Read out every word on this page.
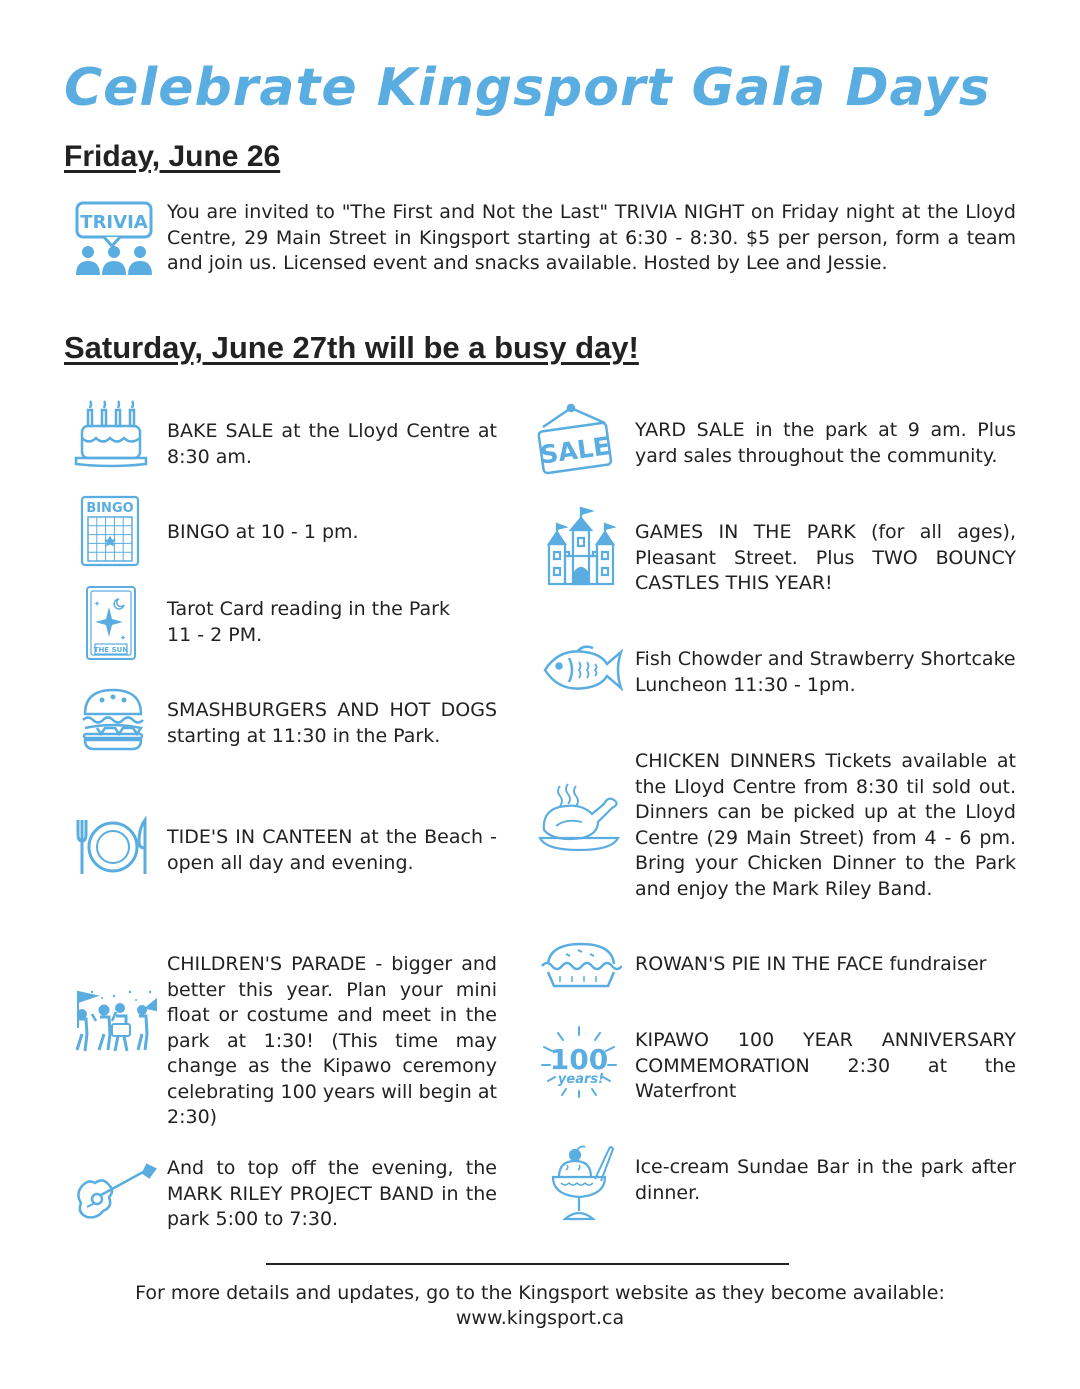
Celebrate Kingsport Gala Days
Friday, June 26
TRIVIA You are invited to "The First and Not the Last" TRIVIA NIGHT on Friday night at the Lloyd Centre, 29 Main Street in Kingsport starting at 6:30 - 8:30. $5 per person, form a team and join us. Licensed event and snacks available. Hosted by Lee and Jessie.

Saturday, June 27th will be a busy day!

BAKE SALE at the Lloyd Centre at 8:30 am.

BINGO

BINGO at 10 - 1 pm.

THE SUN

Tarot Card reading in the Park
11 - 2 PM.

SMASHBURGERS AND HOT DOGS starting at 11:30 in the Park.

TIDE'S IN CANTEEN at the Beach - open all day and evening.

CHILDREN'S PARADE - bigger and better this year. Plan your mini float or costume and meet in the park at 1:30! (This time may change as the Kipawo ceremony celebrating 100 years will begin at 2:30)

And to top off the evening, the MARK RILEY PROJECT BAND in the park 5:00 to 7:30.

SALE

YARD SALE in the park at 9 am. Plus yard sales throughout the community.

GAMES IN THE PARK (for all ages), Pleasant Street. Plus TWO BOUNCY CASTLES THIS YEAR!

Fish Chowder and Strawberry Shortcake Luncheon 11:30 - 1pm.

CHICKEN DINNERS Tickets available at the Lloyd Centre from 8:30 til sold out. Dinners can be picked up at the Lloyd Centre (29 Main Street) from 4 - 6 pm. Bring your Chicken Dinner to the Park and enjoy the Mark Riley Band.

ROWAN'S PIE IN THE FACE fundraiser

100
years!

KIPAWO 100 YEAR ANNIVERSARY COMMEMORATION 2:30 at the Waterfront

Ice-cream Sundae Bar in the park after dinner.

For more details and updates, go to the Kingsport website as they become available:

www.kingsport.ca
